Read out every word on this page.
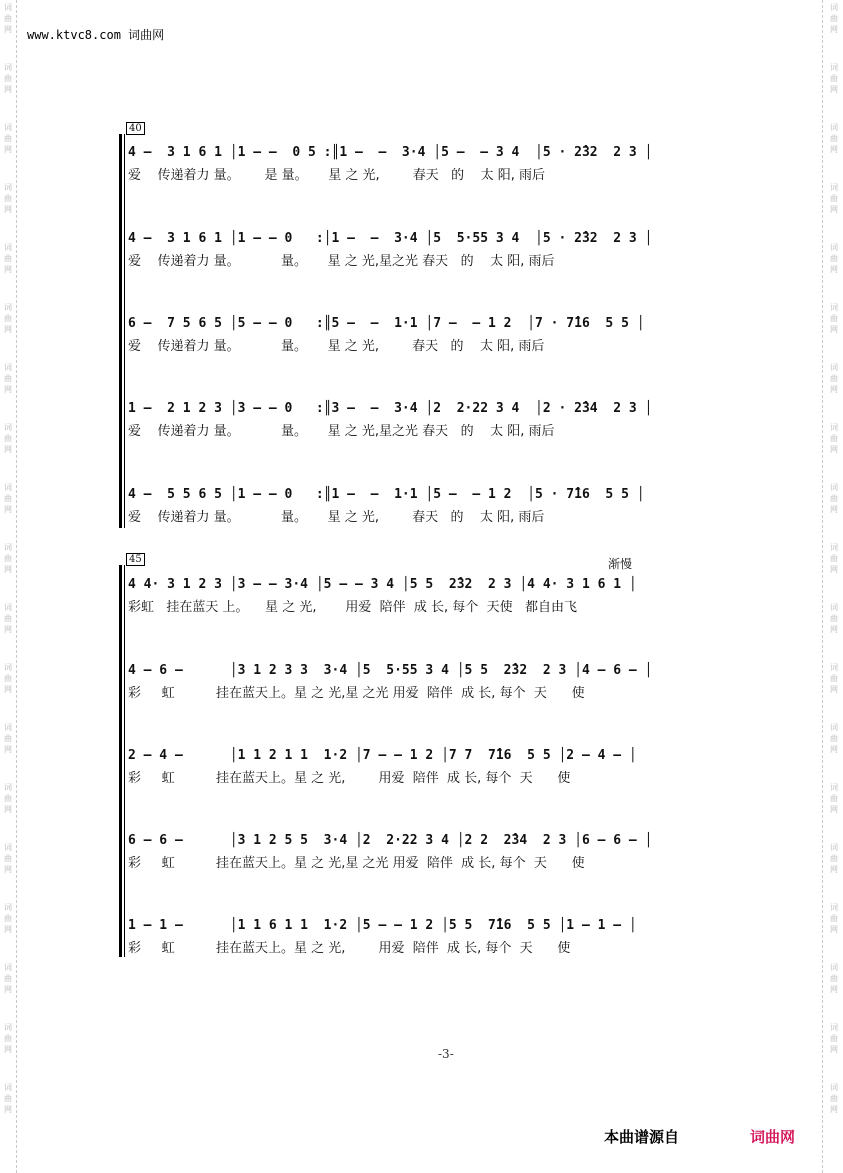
词
曲
网
词
曲
网
词
曲
网
词
曲
网
词
曲
网
词
曲
网
词
曲
网
词
曲
网
词
曲
网
词
曲
网
词
曲
网
词
曲
网
词
曲
网
词
曲
网
词
曲
网
词
曲
网
词
曲
网
词
曲
网
词
曲
网
词
曲
网
词
曲
网
词
曲
网
词
曲
网
词
曲
网
词
曲
网
词
曲
网
词
曲
网
词
曲
网
词
曲
网
词
曲
网
词
曲
网
词
曲
网
词
曲
网
词
曲
网
词
曲
网
词
曲
网
词
曲
网
词
曲
网
www.ktvc8.com 词曲网
40
4 –  3 1 6 1 │1 – –  0 5 :║1 –  –  3·4 │5 –  – 3 4  │5 · 2̂32  2 3 │
爱    传递着力 量。      是 量。     星 之 光,        春天   的    太 阳, 雨后
4 –  3 1 6 1 │1 – – 0   :│1 –  –  3·4 │5  5·55 3 4  │5 · 2̂32  2 3 │
爱    传递着力 量。          量。     星 之 光,星之光 春天   的    太 阳, 雨后
6 –  7 5 6 5 │5 – – 0   :║5 –  –  1·1 │7 –  – 1 2  │7 · 7̂16  5 5 │
爱    传递着力 量。          量。     星 之 光,        春天   的    太 阳, 雨后
1 –  2 1 2 3 │3 – – 0   :║3 –  –  3·4 │2  2·22 3 4  │2 · 2̂34  2 3 │
爱    传递着力 量。          量。     星 之 光,星之光 春天   的    太 阳, 雨后
4 –  5 5 6 5 │1 – – 0   :║1 –  –  1·1 │5 –  – 1 2  │5 · 7̂16  5 5 │
爱    传递着力 量。          量。     星 之 光,        春天   的    太 阳, 雨后
45	渐慢
4 4· 3 1 2 3 │3 – – 3·4 │5 – – 3 4 │5 5  2̂32  2 3 │4 4· 3 1 6 1 │
彩虹   挂在蓝天 上。    星 之 光,       用爱  陪伴  成 长, 每个  天使   都自由飞
4 – 6 –      │3 1 2 3 3  3·4 │5  5·55 3 4 │5 5  2̂32  2 3 │4 – 6 – │
彩     虹          挂在蓝天上。星 之 光,星 之光 用爱  陪伴  成 长, 每个  天      使
2 – 4 –      │1 1 2 1 1  1·2 │7 – – 1 2 │7 7  7̂16  5 5 │2 – 4 – │
彩     虹          挂在蓝天上。星 之 光,        用爱  陪伴  成 长, 每个  天      使
6 – 6 –      │3 1 2 5 5  3·4 │2  2·22 3 4 │2 2  2̂34  2 3 │6 – 6 – │
彩     虹          挂在蓝天上。星 之 光,星 之光 用爱  陪伴  成 长, 每个  天      使
1 – 1 –      │1 1 6 1 1  1·2 │5 – – 1 2 │5 5  7̂16  5 5 │1 – 1 – │
彩     虹          挂在蓝天上。星 之 光,        用爱  陪伴  成 长, 每个  天      使
-3-
本曲谱源自	词曲网
